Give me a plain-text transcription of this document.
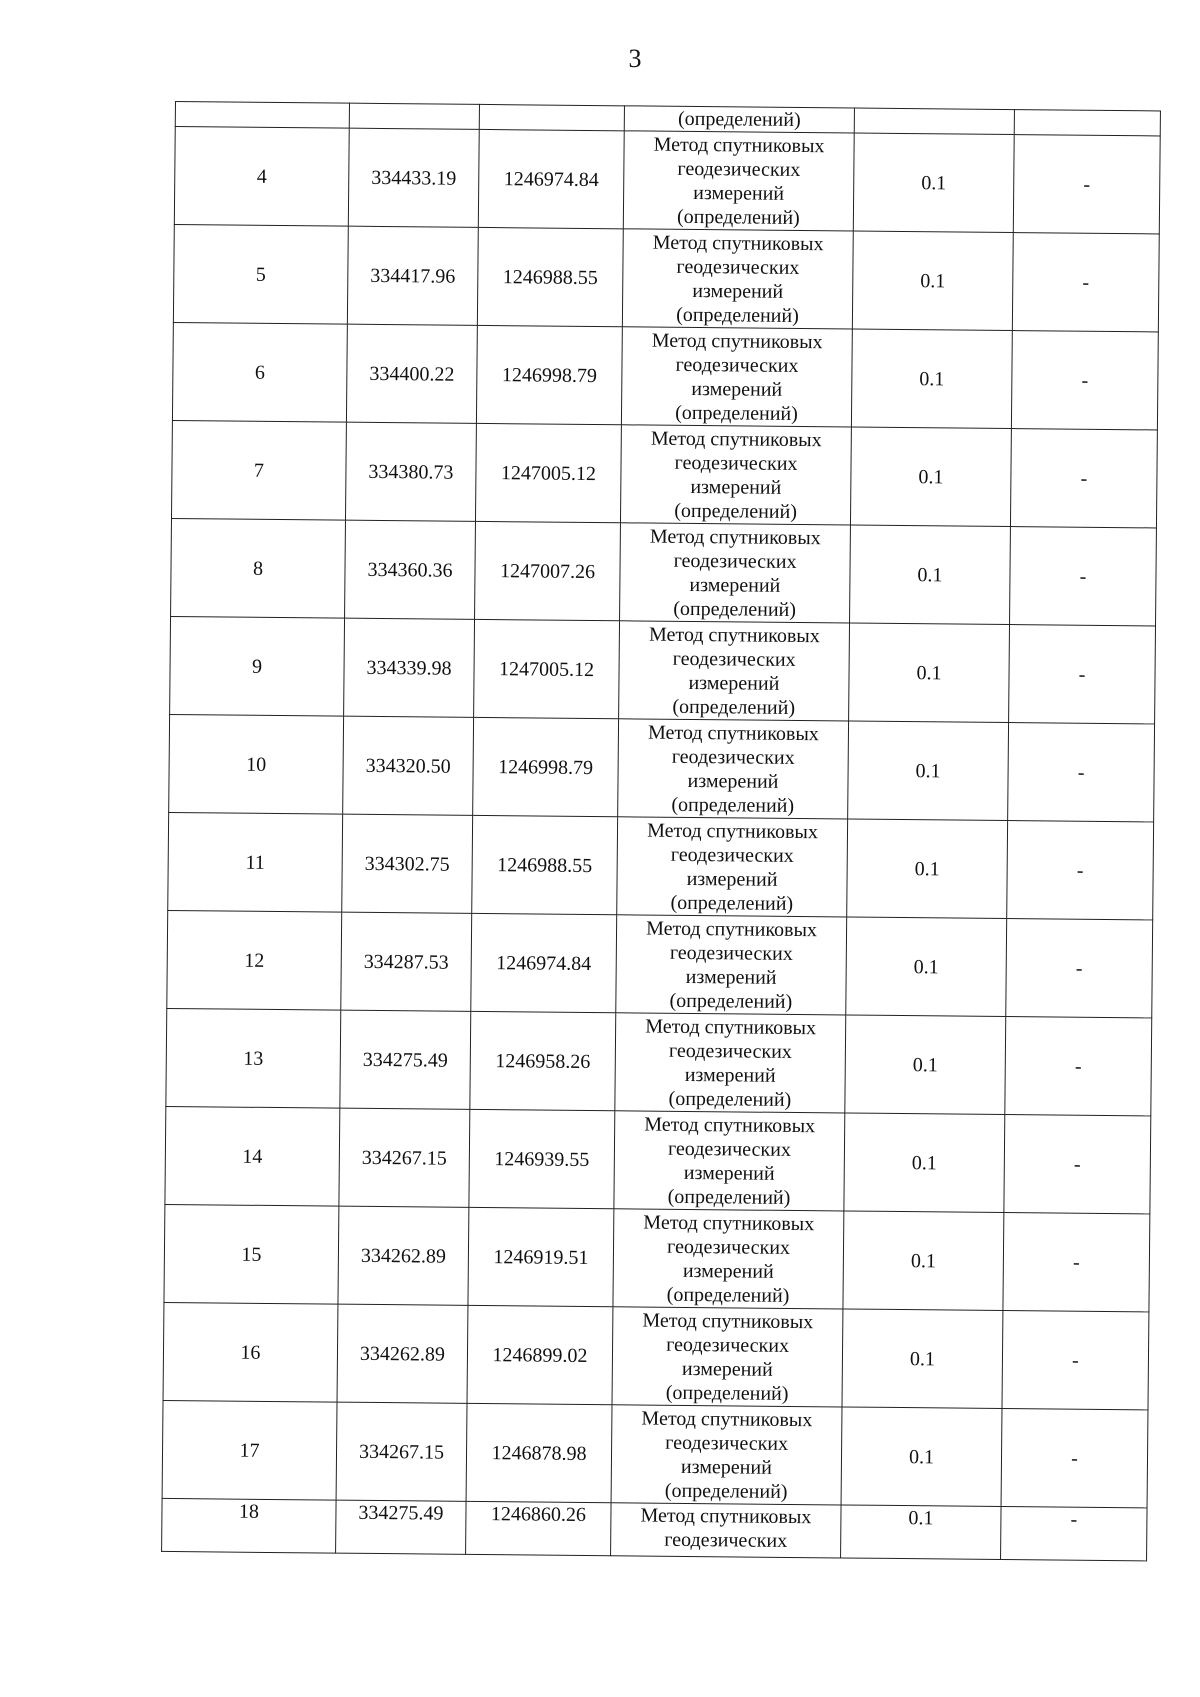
3
			(определений)		
4	334433.19	1246974.84	Метод спутниковых
геодезических
измерений
(определений)	0.1	-
5	334417.96	1246988.55	Метод спутниковых
геодезических
измерений
(определений)	0.1	-
6	334400.22	1246998.79	Метод спутниковых
геодезических
измерений
(определений)	0.1	-
7	334380.73	1247005.12	Метод спутниковых
геодезических
измерений
(определений)	0.1	-
8	334360.36	1247007.26	Метод спутниковых
геодезических
измерений
(определений)	0.1	-
9	334339.98	1247005.12	Метод спутниковых
геодезических
измерений
(определений)	0.1	-
10	334320.50	1246998.79	Метод спутниковых
геодезических
измерений
(определений)	0.1	-
11	334302.75	1246988.55	Метод спутниковых
геодезических
измерений
(определений)	0.1	-
12	334287.53	1246974.84	Метод спутниковых
геодезических
измерений
(определений)	0.1	-
13	334275.49	1246958.26	Метод спутниковых
геодезических
измерений
(определений)	0.1	-
14	334267.15	1246939.55	Метод спутниковых
геодезических
измерений
(определений)	0.1	-
15	334262.89	1246919.51	Метод спутниковых
геодезических
измерений
(определений)	0.1	-
16	334262.89	1246899.02	Метод спутниковых
геодезических
измерений
(определений)	0.1	-
17	334267.15	1246878.98	Метод спутниковых
геодезических
измерений
(определений)	0.1	-
18	334275.49	1246860.26	Метод спутниковых
геодезических	0.1	-
